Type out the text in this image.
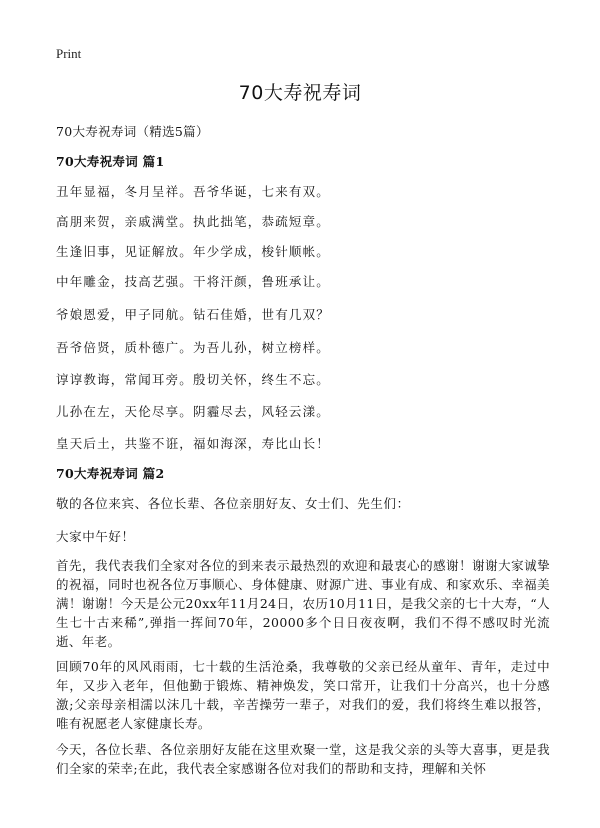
Print
70大寿祝寿词
70大寿祝寿词（精选5篇）
70大寿祝寿词 篇1
丑年显福，冬月呈祥。吾爷华诞，七来有双。
高朋来贺，亲戚满堂。执此拙笔，恭疏短章。
生逢旧事，见证解放。年少学成，梭针顺帐。
中年雕金，技高艺强。干将汗颜，鲁班承让。
爷娘恩爱，甲子同航。钻石佳婚，世有几双？
吾爷倍贤，质朴德广。为吾儿孙，树立榜样。
谆谆教诲，常闻耳旁。殷切关怀，终生不忘。
儿孙在左，天伦尽享。阴霾尽去，风轻云漾。
皇天后土，共鉴不诳，福如海深，寿比山长！
70大寿祝寿词 篇2
敬的各位来宾、各位长辈、各位亲朋好友、女士们、先生们：
大家中午好！

首先，我代表我们全家对各位的到来表示最热烈的欢迎和最衷心的感谢！谢谢大家诚挚的祝福，同时也祝各位万事顺心、身体健康、财源广进、事业有成、和家欢乐、幸福美满！谢谢！今天是公元20xx年11月24日，农历10月11日，是我父亲的七十大寿，“人生七十古来稀”,弹指一挥间70年，20000多个日日夜夜啊，我们不得不感叹时光流逝、年老。

回顾70年的风风雨雨，七十载的生活沧桑，我尊敬的父亲已经从童年、青年，走过中年，又步入老年，但他勤于锻炼、精神焕发，笑口常开，让我们十分高兴，也十分感激;父亲母亲相濡以沫几十载，辛苦操劳一辈子，对我们的爱，我们将终生难以报答，唯有祝愿老人家健康长寿。

今天，各位长辈、各位亲朋好友能在这里欢聚一堂，这是我父亲的头等大喜事，更是我们全家的荣幸;在此，我代表全家感谢各位对我们的帮助和支持，理解和关怀
